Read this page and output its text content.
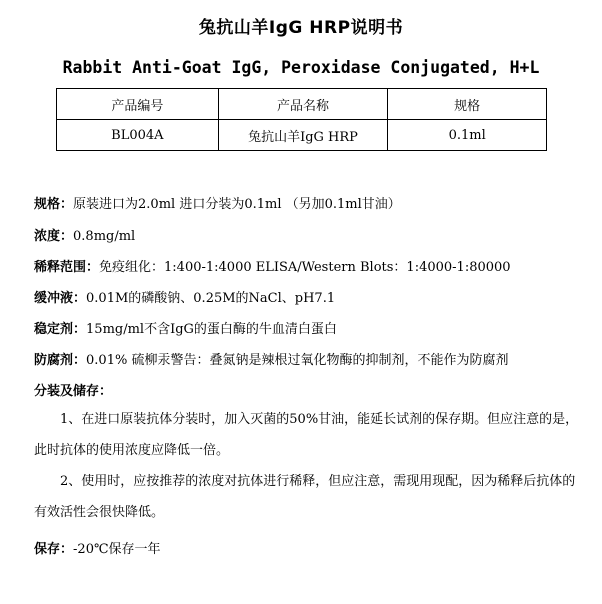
兔抗山羊IgG HRP说明书
Rabbit Anti-Goat IgG, Peroxidase Conjugated, H+L
产品编号	产品名称	规格
BL004A	兔抗山羊IgG HRP	0.1ml
规格：原装进口为2.0ml 进口分装为0.1ml （另加0.1ml甘油）
浓度：0.8mg/ml
稀释范围：免疫组化：1:400-1:4000 ELISA/Western Blots：1:4000-1:80000
缓冲液：0.01M的磷酸钠、0.25M的NaCl、pH7.1
稳定剂：15mg/ml不含IgG的蛋白酶的牛血清白蛋白
防腐剂：0.01% 硫柳汞警告：叠氮钠是辣根过氧化物酶的抑制剂，不能作为防腐剂
分装及储存：
1、在进口原装抗体分装时，加入灭菌的50%甘油，能延长试剂的保存期。但应注意的是，此时抗体的使用浓度应降低一倍。
2、使用时，应按推荐的浓度对抗体进行稀释，但应注意，需现用现配，因为稀释后抗体的有效活性会很快降低。
保存：-20℃保存一年
